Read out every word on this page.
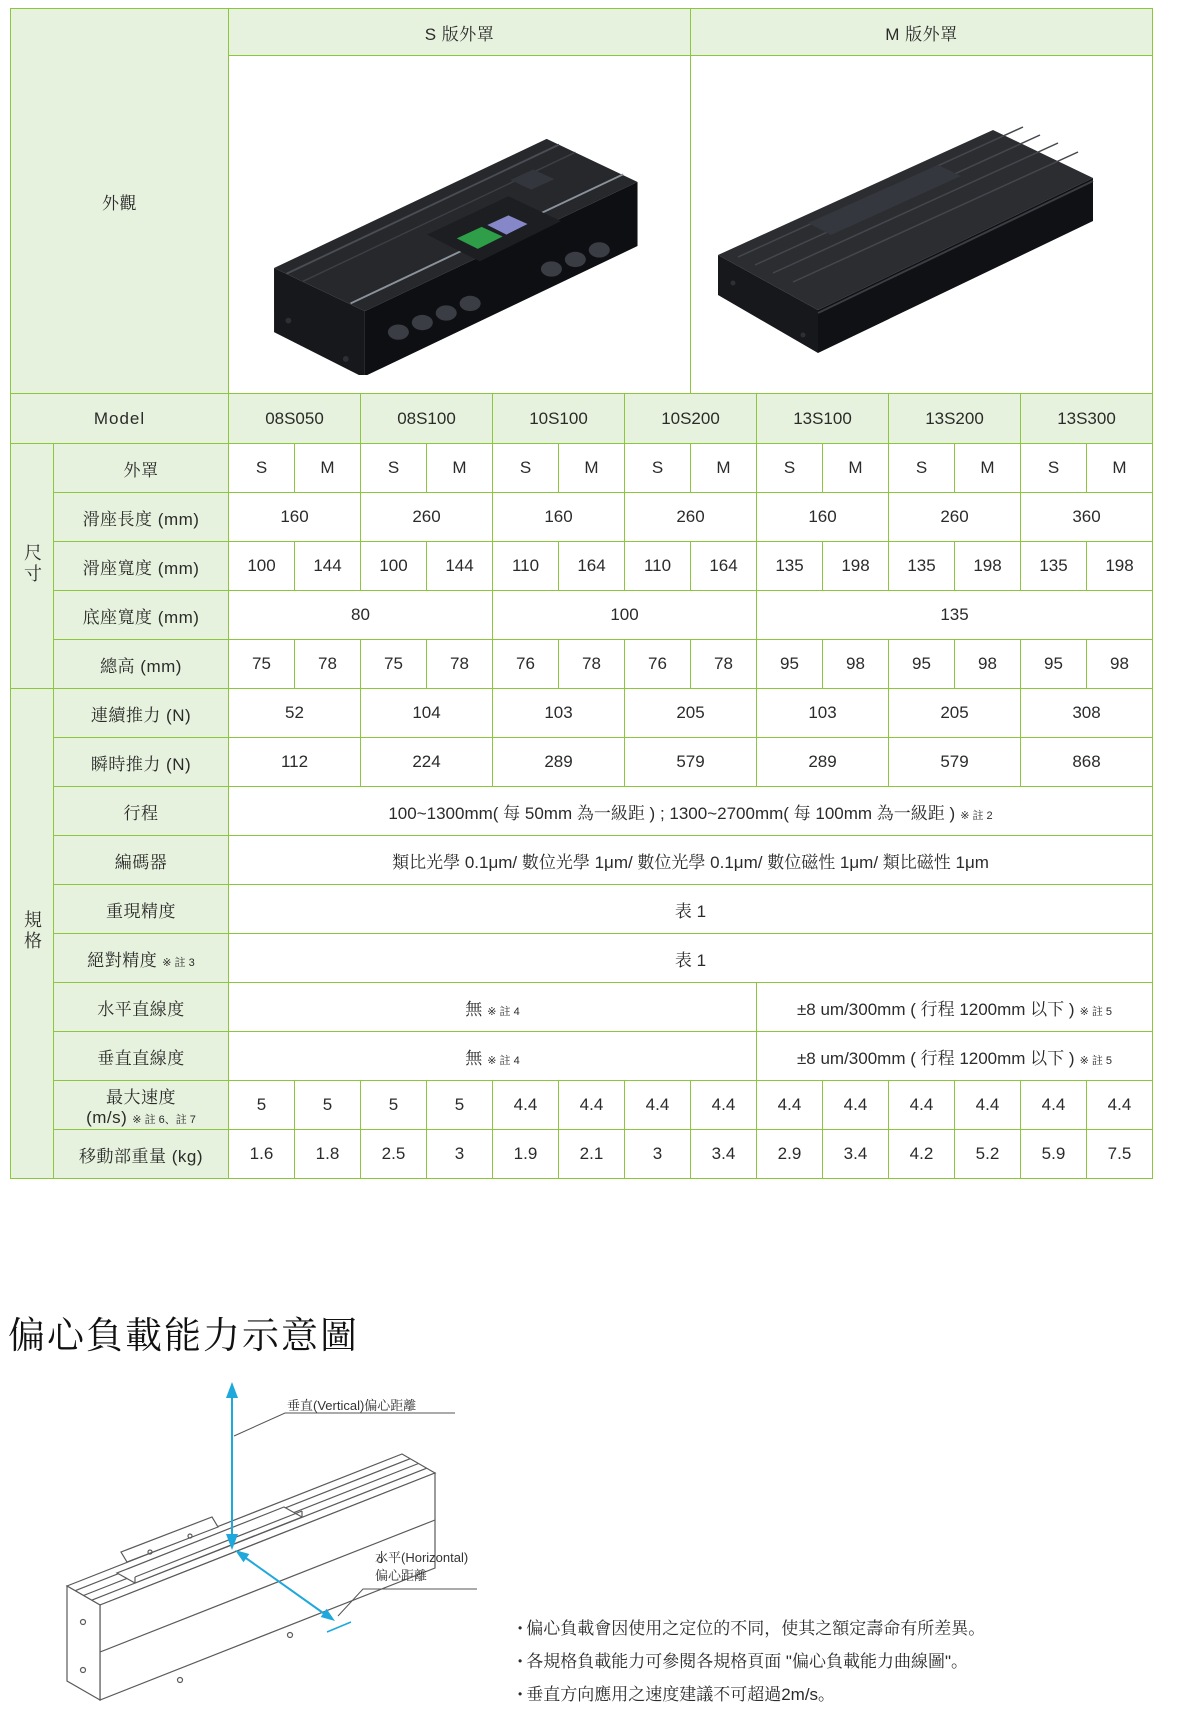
外觀		S 版外罩							M 版外罩						

Model		08S050		08S100		10S100		10S200		13S100		13S200		13S300	
尺寸	外罩	S	M	S	M	S	M	S	M	S	M	S	M	S	M
	滑座長度 (mm)	160		260		160		260		160		260		360	
	滑座寬度 (mm)	100	144	100	144	110	164	110	164	135	198	135	198	135	198
	底座寬度 (mm)	80				100				135					
	總高 (mm)	75	78	75	78	76	78	76	78	95	98	95	98	95	98
規格	連續推力 (N)	52		104		103		205		103		205		308	
	瞬時推力 (N)	112		224		289		579		289		579		868	
	行程	100~1300mm( 每 50mm 為一級距 ) ; 1300~2700mm( 每 100mm 為一級距 ) ※ 註 2													
	編碼器	類比光學 0.1μm/ 數位光學 1μm/ 數位光學 0.1μm/ 數位磁性 1μm/ 類比磁性 1μm													
	重現精度	表 1													
	絕對精度 ※ 註 3	表 1													
	水平直線度	無 ※ 註 4								±8 um/300mm ( 行程 1200mm 以下 ) ※ 註 5					
	垂直直線度	無 ※ 註 4								±8 um/300mm ( 行程 1200mm 以下 ) ※ 註 5					
	最大速度 (m/s) ※ 註 6、註 7	5	5	5	5	4.4	4.4	4.4	4.4	4.4	4.4	4.4	4.4	4.4	4.4
	移動部重量 (kg)	1.6	1.8	2.5	3	1.9	2.1	3	3.4	2.9	3.4	4.2	5.2	5.9	7.5
偏心負載能力示意圖
垂直(Vertical)偏心距離
水平(Horizontal)
偏心距離
• 偏心負載會因使用之定位的不同，使其之額定壽命有所差異。
• 各規格負載能力可參閱各規格頁面 "偏心負載能力曲線圖"。
• 垂直方向應用之速度建議不可超過2m/s。
